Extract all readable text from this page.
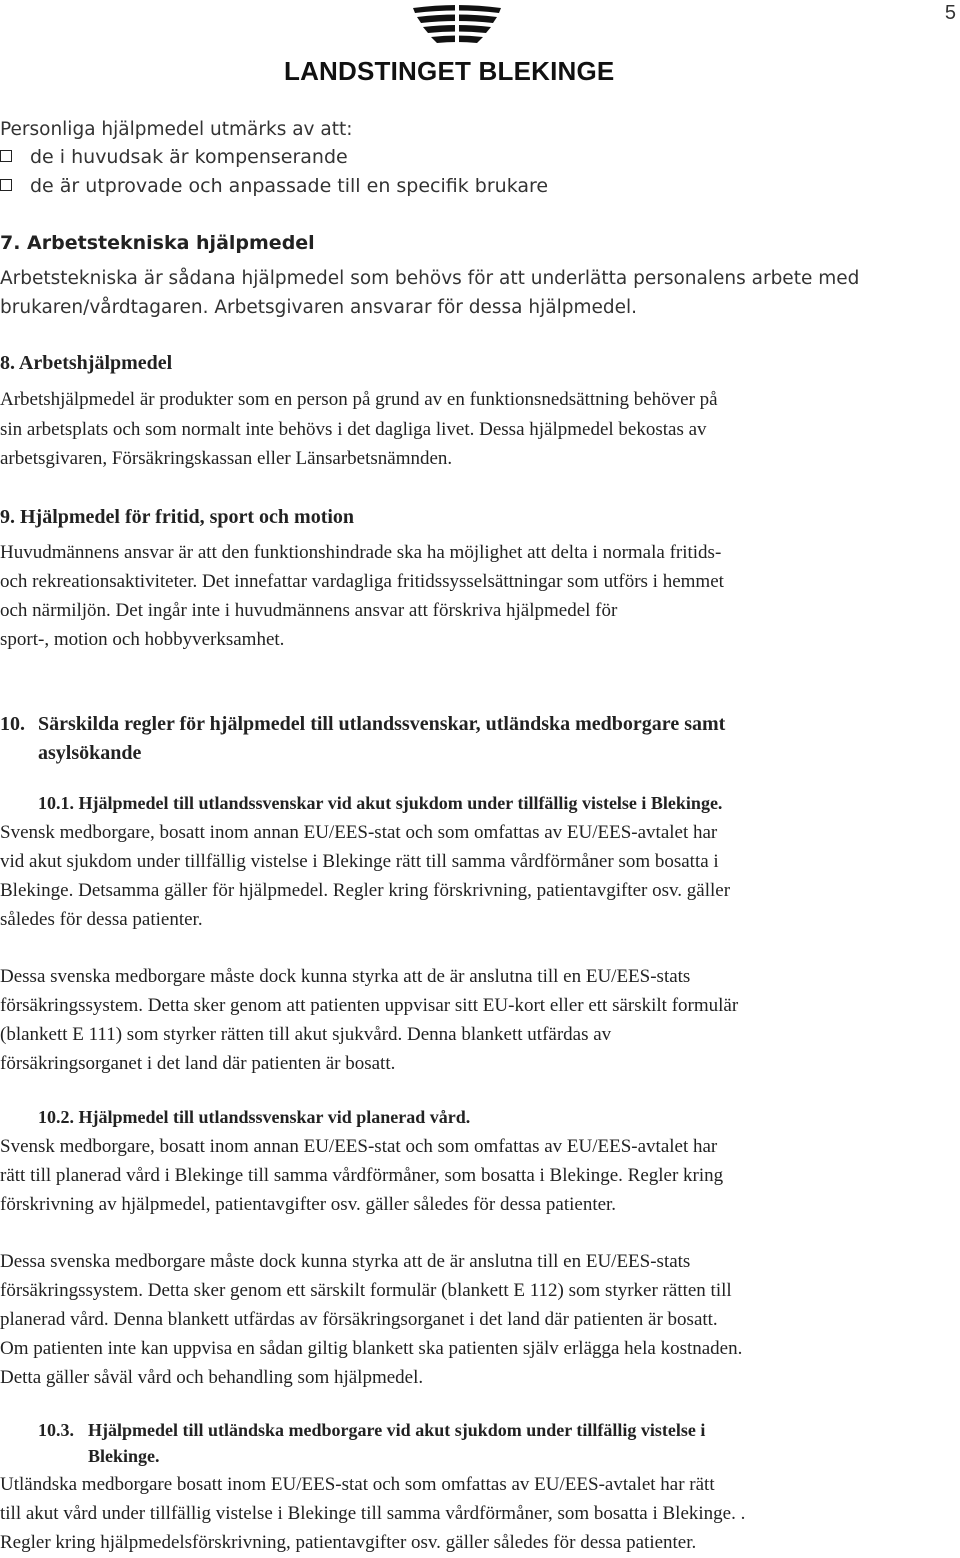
5
LANDSTINGET BLEKINGE

Personliga hjälpmedel utmärks av att:

de i huvudsak är kompenserande
de är utprovade och anpassade till en specifik brukare

7. Arbetstekniska hjälpmedel

Arbetstekniska är sådana hjälpmedel som behövs för att underlätta personalens arbete med

brukaren/vårdtagaren. Arbetsgivaren ansvarar för dessa hjälpmedel.

8. Arbetshjälpmedel

Arbetshjälpmedel är produkter som en person på grund av en funktionsnedsättning behöver på

sin arbetsplats och som normalt inte behövs i det dagliga livet. Dessa hjälpmedel bekostas av

arbetsgivaren, Försäkringskassan eller Länsarbetsnämnden.

9. Hjälpmedel för fritid, sport och motion

Huvudmännens ansvar är att den funktionshindrade ska ha möjlighet att delta i normala fritids-

och rekreationsaktiviteter. Det innefattar vardagliga fritidssysselsättningar som utförs i hemmet

och närmiljön. Det ingår inte i huvudmännens ansvar att förskriva hjälpmedel för

sport-, motion och hobbyverksamhet.

10. Särskilda regler för hjälpmedel till utlandssvenskar, utländska medborgare samt

asylsökande

10.1. Hjälpmedel till utlandssvenskar vid akut sjukdom under tillfällig vistelse i Blekinge.

Svensk medborgare, bosatt inom annan EU/EES-stat och som omfattas av EU/EES-avtalet har

vid akut sjukdom under tillfällig vistelse i Blekinge rätt till samma vårdförmåner som bosatta i

Blekinge. Detsamma gäller för hjälpmedel. Regler kring förskrivning, patientavgifter osv. gäller

således för dessa patienter.

Dessa svenska medborgare måste dock kunna styrka att de är anslutna till en EU/EES-stats

försäkringssystem. Detta sker genom att patienten uppvisar sitt EU-kort eller ett särskilt formulär

(blankett E 111) som styrker rätten till akut sjukvård. Denna blankett utfärdas av

försäkringsorganet i det land där patienten är bosatt.

10.2. Hjälpmedel till utlandssvenskar vid planerad vård.

Svensk medborgare, bosatt inom annan EU/EES-stat och som omfattas av EU/EES-avtalet har

rätt till planerad vård i Blekinge till samma vårdförmåner, som bosatta i Blekinge. Regler kring

förskrivning av hjälpmedel, patientavgifter osv. gäller således för dessa patienter.

Dessa svenska medborgare måste dock kunna styrka att de är anslutna till en EU/EES-stats

försäkringssystem. Detta sker genom ett särskilt formulär (blankett E 112) som styrker rätten till

planerad vård. Denna blankett utfärdas av försäkringsorganet i det land där patienten är bosatt.

Om patienten inte kan uppvisa en sådan giltig blankett ska patienten själv erlägga hela kostnaden.

Detta gäller såväl vård och behandling som hjälpmedel.

10.3. Hjälpmedel till utländska medborgare vid akut sjukdom under tillfällig vistelse i

Blekinge.

Utländska medborgare bosatt inom EU/EES-stat och som omfattas av EU/EES-avtalet har rätt

till akut vård under tillfällig vistelse i Blekinge till samma vårdförmåner, som bosatta i Blekinge. .

Regler kring hjälpmedelsförskrivning, patientavgifter osv. gäller således för dessa patienter.
